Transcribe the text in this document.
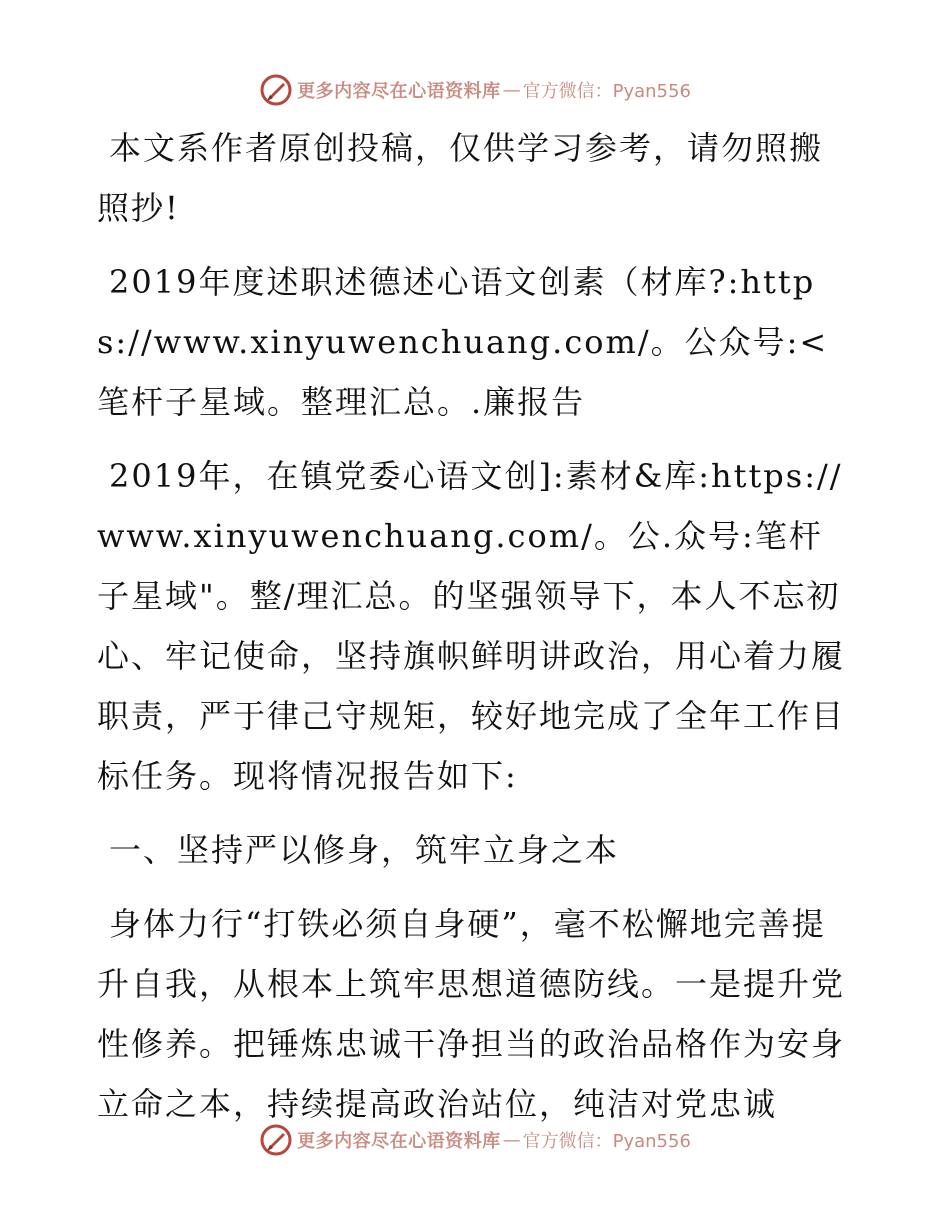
更多内容尽在心语资料库 — 官方微信：Pyan556

本文系作者原创投稿，仅供学习参考，请勿照搬照抄!

2019年度述职述德述心语文创素（材库?:https://www.xinyuwenchuang.com/。公众号:<笔杆子星域。整理汇总。.廉报告

2019年，在镇党委心语文创]:素材&库:https://www.xinyuwenchuang.com/。公.众号:笔杆子星域"。整/理汇总。的坚强领导下，本人不忘初心、牢记使命，坚持旗帜鲜明讲政治，用心着力履职责，严于律己守规矩，较好地完成了全年工作目标任务。现将情况报告如下:

一、坚持严以修身，筑牢立身之本

身体力行“打铁必须自身硬”，毫不松懈地完善提升自我，从根本上筑牢思想道德防线。一是提升党性修养。把锤炼忠诚干净担当的政治品格作为安身立命之本，持续提高政治站位，纯洁对党忠诚

更多内容尽在心语资料库 — 官方微信：Pyan556
